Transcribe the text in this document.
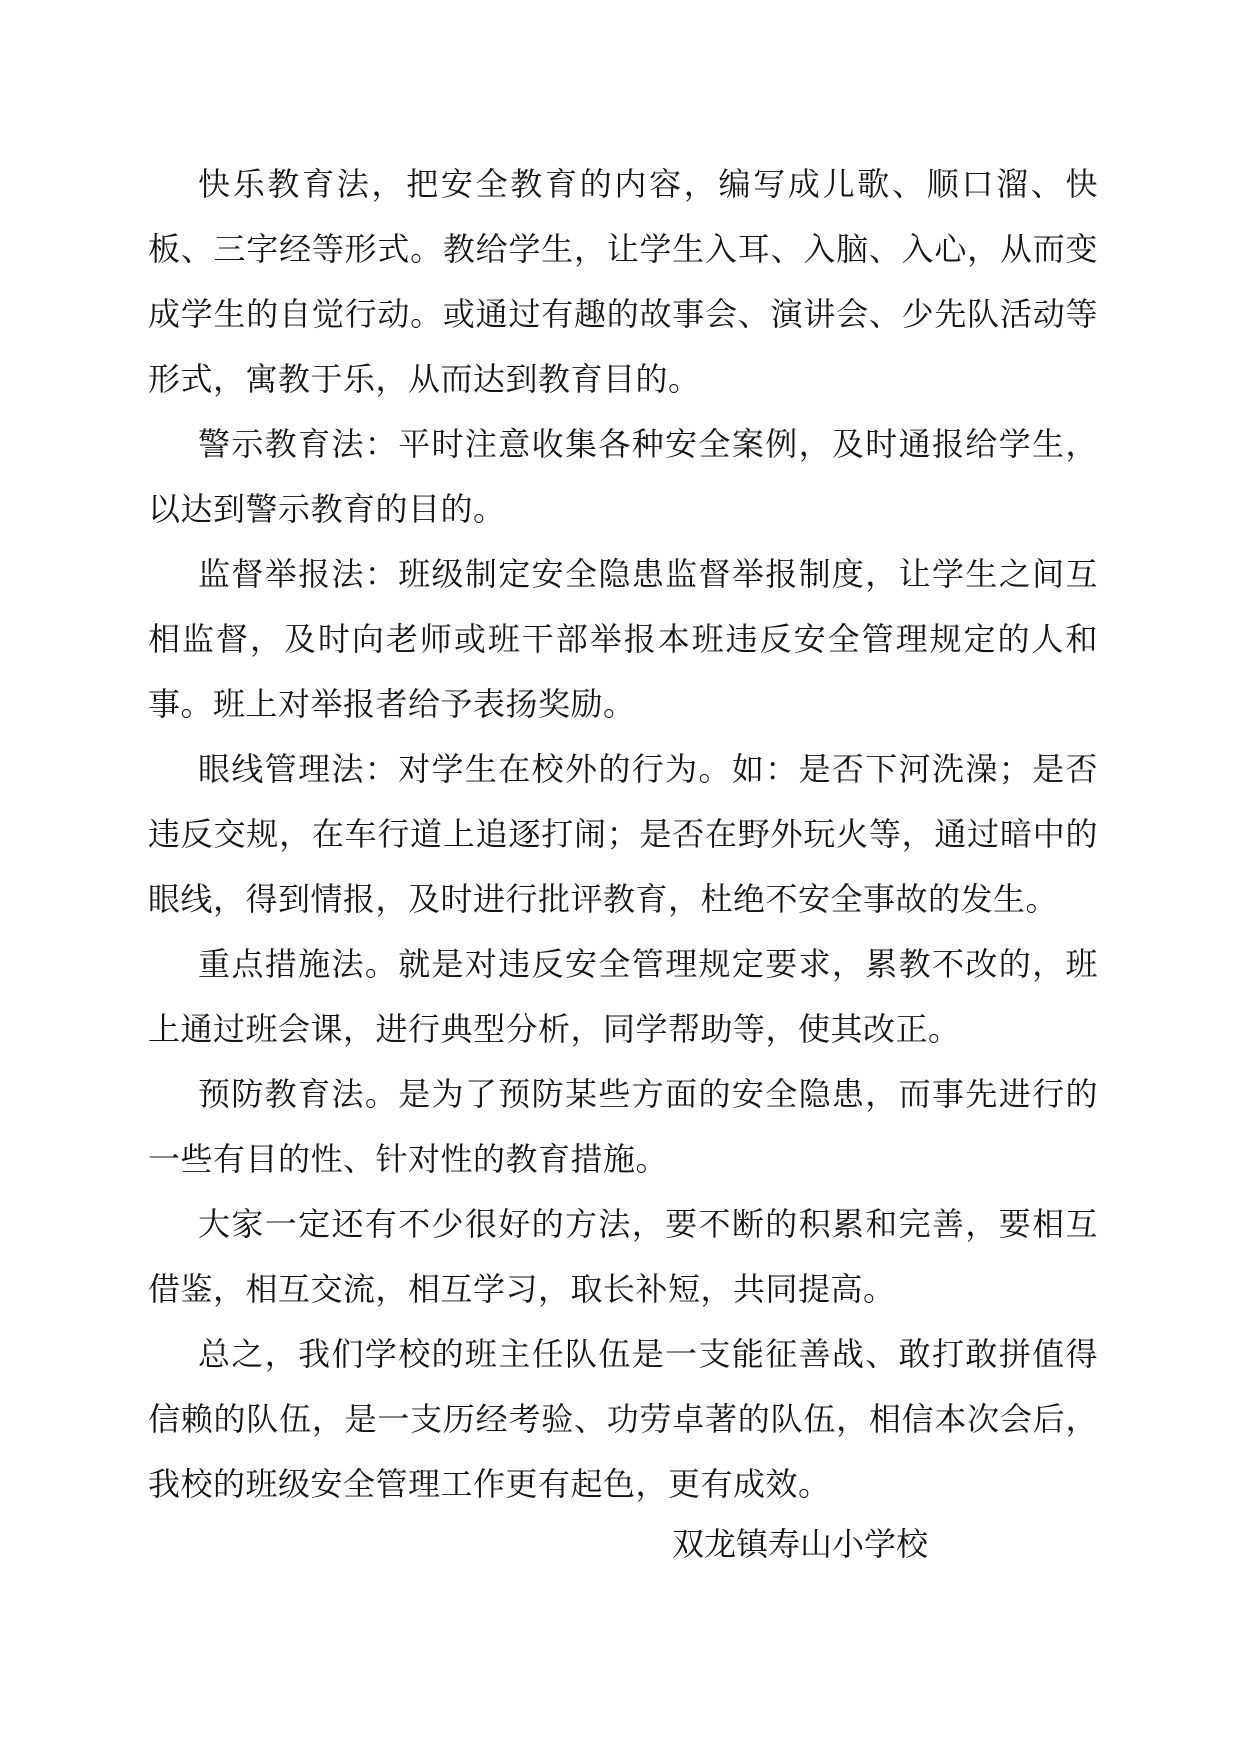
快乐教育法，把安全教育的内容，编写成儿歌、顺口溜、快板、三字经等形式。教给学生，让学生入耳、入脑、入心，从而变成学生的自觉行动。或通过有趣的故事会、演讲会、少先队活动等形式，寓教于乐，从而达到教育目的。

警示教育法：平时注意收集各种安全案例，及时通报给学生，以达到警示教育的目的。

监督举报法：班级制定安全隐患监督举报制度，让学生之间互相监督，及时向老师或班干部举报本班违反安全管理规定的人和事。班上对举报者给予表扬奖励。

眼线管理法：对学生在校外的行为。如：是否下河洗澡；是否违反交规，在车行道上追逐打闹；是否在野外玩火等，通过暗中的眼线，得到情报，及时进行批评教育，杜绝不安全事故的发生。

重点措施法。就是对违反安全管理规定要求，累教不改的，班上通过班会课，进行典型分析，同学帮助等，使其改正。

预防教育法。是为了预防某些方面的安全隐患，而事先进行的一些有目的性、针对性的教育措施。

大家一定还有不少很好的方法，要不断的积累和完善，要相互借鉴，相互交流，相互学习，取长补短，共同提高。

总之，我们学校的班主任队伍是一支能征善战、敢打敢拼值得信赖的队伍，是一支历经考验、功劳卓著的队伍，相信本次会后，我校的班级安全管理工作更有起色，更有成效。

双龙镇寿山小学校
